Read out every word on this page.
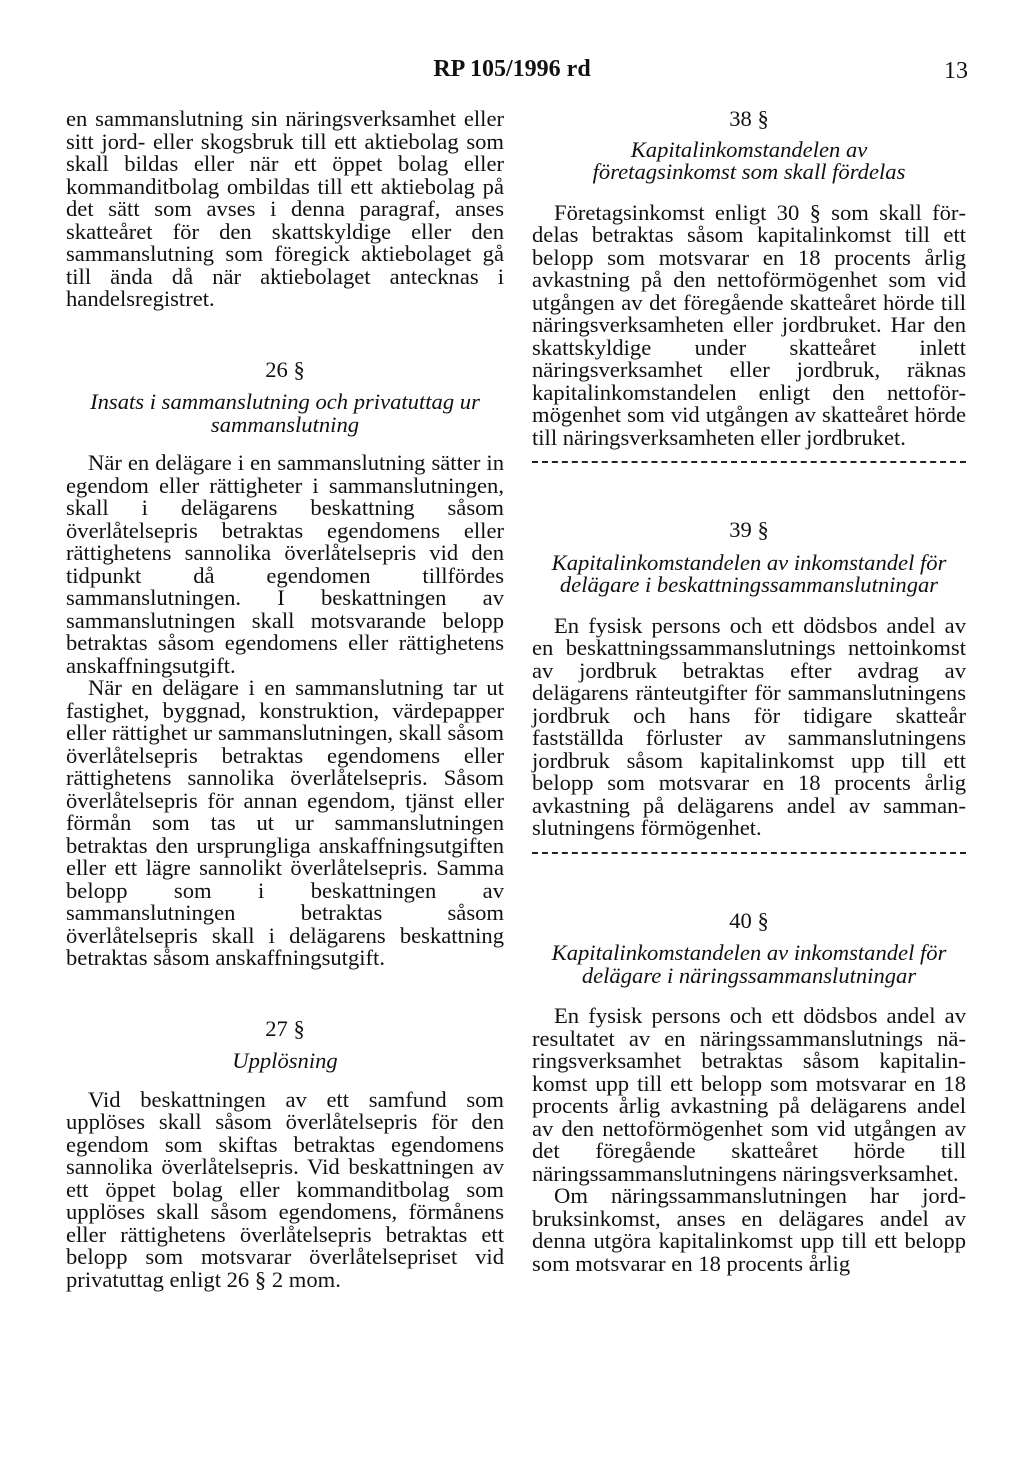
RP 105/1996 rd	13

en sammanslutning sin näringsverksamhet eller sitt jord- eller skogsbruk till ett aktiebolag som skall bildas eller när ett öppet bolag eller kommanditbolag ombildas till ett aktiebolag på det sätt som avses i denna paragraf, anses skatteåret för den skattskyldige eller den sammanslutning som föregick aktiebolaget gå till ända då när aktiebolaget antecknas i handelsregistret.

26 §
Insats i sammanslutning och privatuttag ur sammanslutning

När en delägare i en sammanslutning sätter in egendom eller rättigheter i sammanslutningen, skall i delägarens beskattning såsom överlåtelsepris betraktas egendomens eller rättighetens sannolika överlåtelsepris vid den tidpunkt då egendomen tillfördes sammanslutningen. I beskattningen av sammanslutningen skall motsvarande belopp betraktas såsom egendomens eller rättighetens anskaffningsutgift.

När en delägare i en sammanslutning tar ut fastighet, byggnad, konstruktion, värdepapper eller rättighet ur sammanslutningen, skall såsom överlåtelsepris betraktas egendomens eller rättighetens sannolika överlåtelsepris. Såsom överlåtelsepris för annan egendom, tjänst eller förmån som tas ut ur sammanslutningen betraktas den ursprungliga anskaffningsutgiften eller ett lägre sannolikt överlåtelsepris. Samma belopp som i beskattningen av sammanslutningen betraktas såsom överlåtelsepris skall i delägarens beskattning betraktas såsom anskaffningsutgift.

27 §
Upplösning

Vid beskattningen av ett samfund som upplöses skall såsom överlåtelsepris för den egendom som skiftas betraktas egendomens sannolika överlåtelsepris. Vid beskattningen av ett öppet bolag eller kommanditbolag som upplöses skall såsom egendomens, förmånens eller rättighetens överlåtelsepris betraktas ett belopp som motsvarar överlåtelsepriset vid privatuttag enligt 26 § 2 mom.

38 §
Kapitalinkomstandelen av företagsinkomst som skall fördelas

Företagsinkomst enligt 30 § som skall fördelas betraktas såsom kapitalinkomst till ett belopp som motsvarar en 18 procents årlig avkastning på den nettoförmögenhet som vid utgången av det föregående skatteåret hörde till näringsverksamheten eller jordbruket. Har den skattskyldige under skatteåret inlett näringsverksamhet eller jordbruk, räknas kapitalinkomstandelen enligt den nettoförmögenhet som vid utgången av skatteåret hörde till näringsverksamheten eller jordbruket.

39 §
Kapitalinkomstandelen av inkomstandel för delägare i beskattningssammanslutningar

En fysisk persons och ett dödsbos andel av en beskattningssammanslutnings nettoinkomst av jordbruk betraktas efter avdrag av delägarens ränteutgifter för sammanslutningens jordbruk och hans för tidigare skatteår fastställda förluster av sammanslutningens jordbruk såsom kapitalinkomst upp till ett belopp som motsvarar en 18 procents årlig avkastning på delägarens andel av sammanslutningens förmögenhet.

40 §
Kapitalinkomstandelen av inkomstandel för delägare i näringssammanslutningar

En fysisk persons och ett dödsbos andel av resultatet av en näringssammanslutnings näringsverksamhet betraktas såsom kapitalinkomst upp till ett belopp som motsvarar en 18 procents årlig avkastning på delägarens andel av den nettoförmögenhet som vid utgången av det föregående skatteåret hörde till näringssammanslutningens näringsverksamhet.

Om näringssammanslutningen har jordbruksinkomst, anses en delägares andel av denna utgöra kapitalinkomst upp till ett belopp som motsvarar en 18 procents årlig
